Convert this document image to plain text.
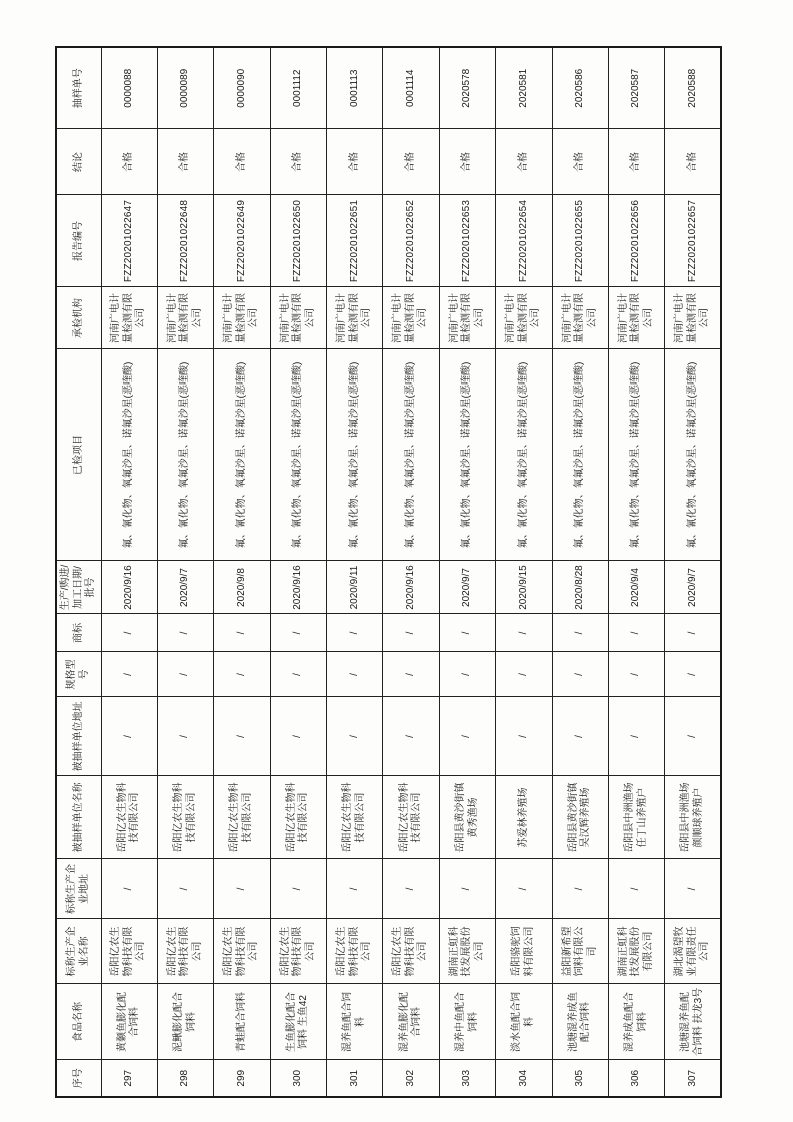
序号	食品名称	标称生产企业名称	标称生产企业地址	被抽样单位名称	被抽样单位地址	规格型号	商标	生产/购进/加工日期/批号	已检项目	承检机构	报告编号	结论	抽样单号
297	黄颡鱼膨化配合饲料	岳阳亿农生物科技有限公司	/	岳阳亿农生物科技有限公司	/	/	/	2020/9/16	氟、氰化物、氧氟沙星、诺氟沙星(恶喹酸)	河南广电计量检测有限公司	FZZ20201022647	合格	0000088
298	泥鳅膨化配合饲料	岳阳亿农生物科技有限公司	/	岳阳亿农生物科技有限公司	/	/	/	2020/9/7	氟、氰化物、氧氟沙星、诺氟沙星(恶喹酸)	河南广电计量检测有限公司	FZZ20201022648	合格	0000089
299	青蛙配合饲料	岳阳亿农生物科技有限公司	/	岳阳亿农生物科技有限公司	/	/	/	2020/9/8	氟、氰化物、氧氟沙星、诺氟沙星(恶喹酸)	河南广电计量检测有限公司	FZZ20201022649	合格	0000090
300	生鱼膨化配合饲料 生鱼42	岳阳亿农生物科技有限公司	/	岳阳亿农生物科技有限公司	/	/	/	2020/9/16	氟、氰化物、氧氟沙星、诺氟沙星(恶喹酸)	河南广电计量检测有限公司	FZZ20201022650	合格	0001112
301	混养鱼配合饲料	岳阳亿农生物科技有限公司	/	岳阳亿农生物科技有限公司	/	/	/	2020/9/11	氟、氰化物、氧氟沙星、诺氟沙星(恶喹酸)	河南广电计量检测有限公司	FZZ20201022651	合格	0001113
302	混养鱼膨化配合饲料	岳阳亿农生物科技有限公司	/	岳阳亿农生物科技有限公司	/	/	/	2020/9/16	氟、氰化物、氧氟沙星、诺氟沙星(恶喹酸)	河南广电计量检测有限公司	FZZ20201022652	合格	0001114
303	混养中鱼配合饲料	湖南正虹科技发展股份公司	/	岳阳县黄沙街镇黄秀渔场	/	/	/	2020/9/7	氟、氰化物、氧氟沙星、诺氟沙星(恶喹酸)	河南广电计量检测有限公司	FZZ20201022653	合格	2020578
304	淡水鱼配合饲料	岳阳骆驼饲料有限公司	/	苏爱林养殖场	/	/	/	2020/9/15	氟、氰化物、氧氟沙星、诺氟沙星(恶喹酸)	河南广电计量检测有限公司	FZZ20201022654	合格	2020581
305	池塘混养成鱼配合饲料	益阳新希望饲料有限公司	/	岳阳县黄沙街镇吴汉辉养殖场	/	/	/	2020/8/28	氟、氰化物、氧氟沙星、诺氟沙星(恶喹酸)	河南广电计量检测有限公司	FZZ20201022655	合格	2020586
306	混养成鱼配合饲料	湖南正虹科技发展股份有限公司	/	岳阳县中洲渔场任丁山养殖户	/	/	/	2020/9/4	氟、氰化物、氧氟沙星、诺氟沙星(恶喹酸)	河南广电计量检测有限公司	FZZ20201022656	合格	2020587
307	池塘混养鱼配合饲料 扶龙3号	湖北渴望牧业有限责任公司	/	岳阳县中洲渔场颜顺球养殖户	/	/	/	2020/9/7	氟、氰化物、氧氟沙星、诺氟沙星(恶喹酸)	河南广电计量检测有限公司	FZZ20201022657	合格	2020588
